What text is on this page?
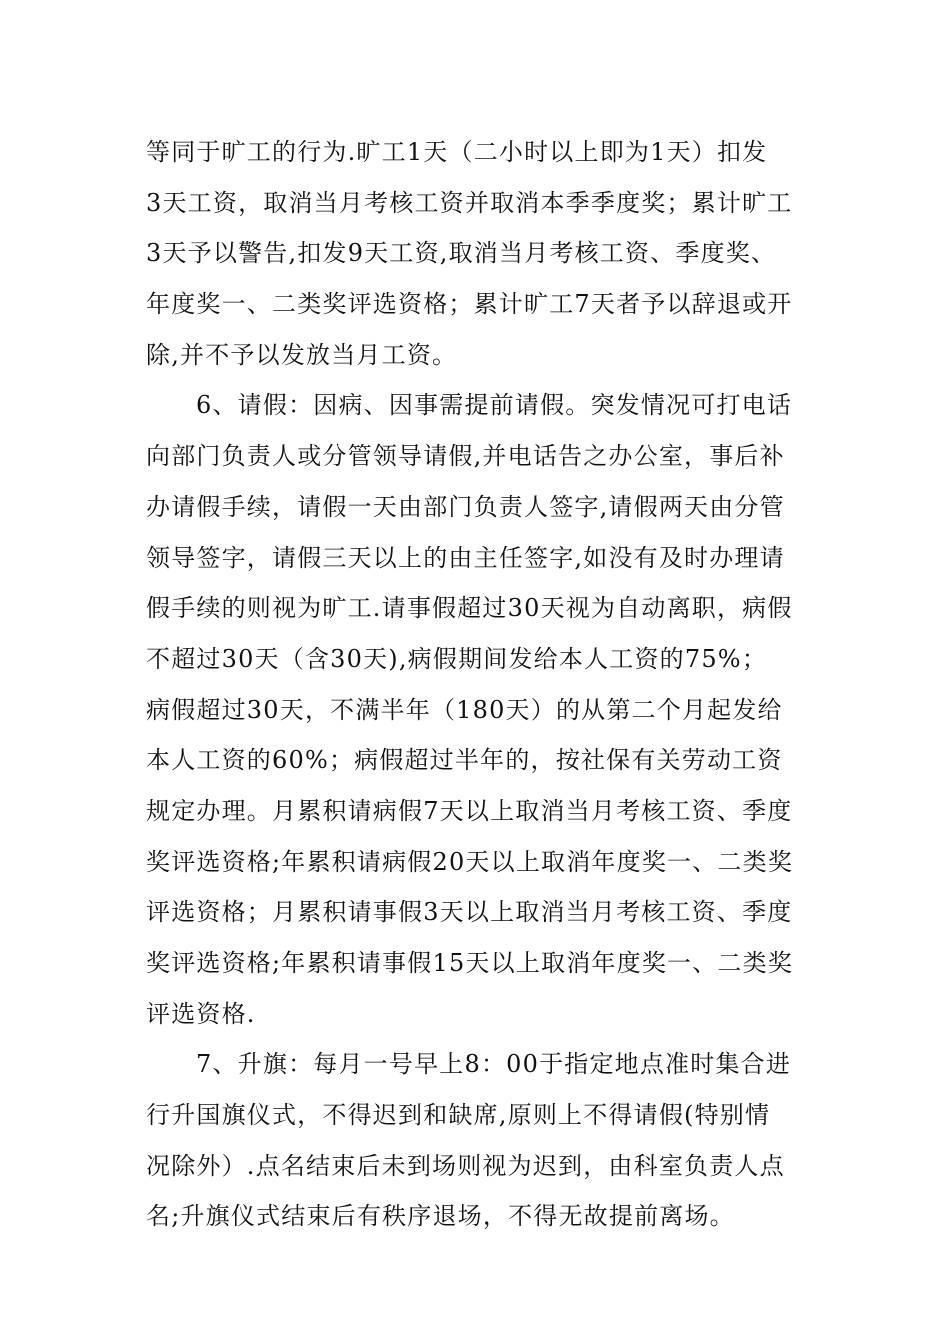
等同于旷工的行为.旷工1天（二小时以上即为1天）扣发
3天工资，取消当月考核工资并取消本季季度奖；累计旷工
3天予以警告,扣发9天工资,取消当月考核工资、季度奖、
年度奖一、二类奖评选资格；累计旷工7天者予以辞退或开
除,并不予以发放当月工资。
6、请假：因病、因事需提前请假。突发情况可打电话
向部门负责人或分管领导请假,并电话告之办公室，事后补
办请假手续，请假一天由部门负责人签字,请假两天由分管
领导签字，请假三天以上的由主任签字,如没有及时办理请
假手续的则视为旷工.请事假超过30天视为自动离职，病假
不超过30天（含30天),病假期间发给本人工资的75%；
病假超过30天，不满半年（180天）的从第二个月起发给
本人工资的60%；病假超过半年的，按社保有关劳动工资
规定办理。月累积请病假7天以上取消当月考核工资、季度
奖评选资格;年累积请病假20天以上取消年度奖一、二类奖
评选资格；月累积请事假3天以上取消当月考核工资、季度
奖评选资格;年累积请事假15天以上取消年度奖一、二类奖
评选资格.
7、升旗：每月一号早上8：00于指定地点准时集合进
行升国旗仪式，不得迟到和缺席,原则上不得请假(特别情
况除外）.点名结束后未到场则视为迟到，由科室负责人点
名;升旗仪式结束后有秩序退场，不得无故提前离场。
